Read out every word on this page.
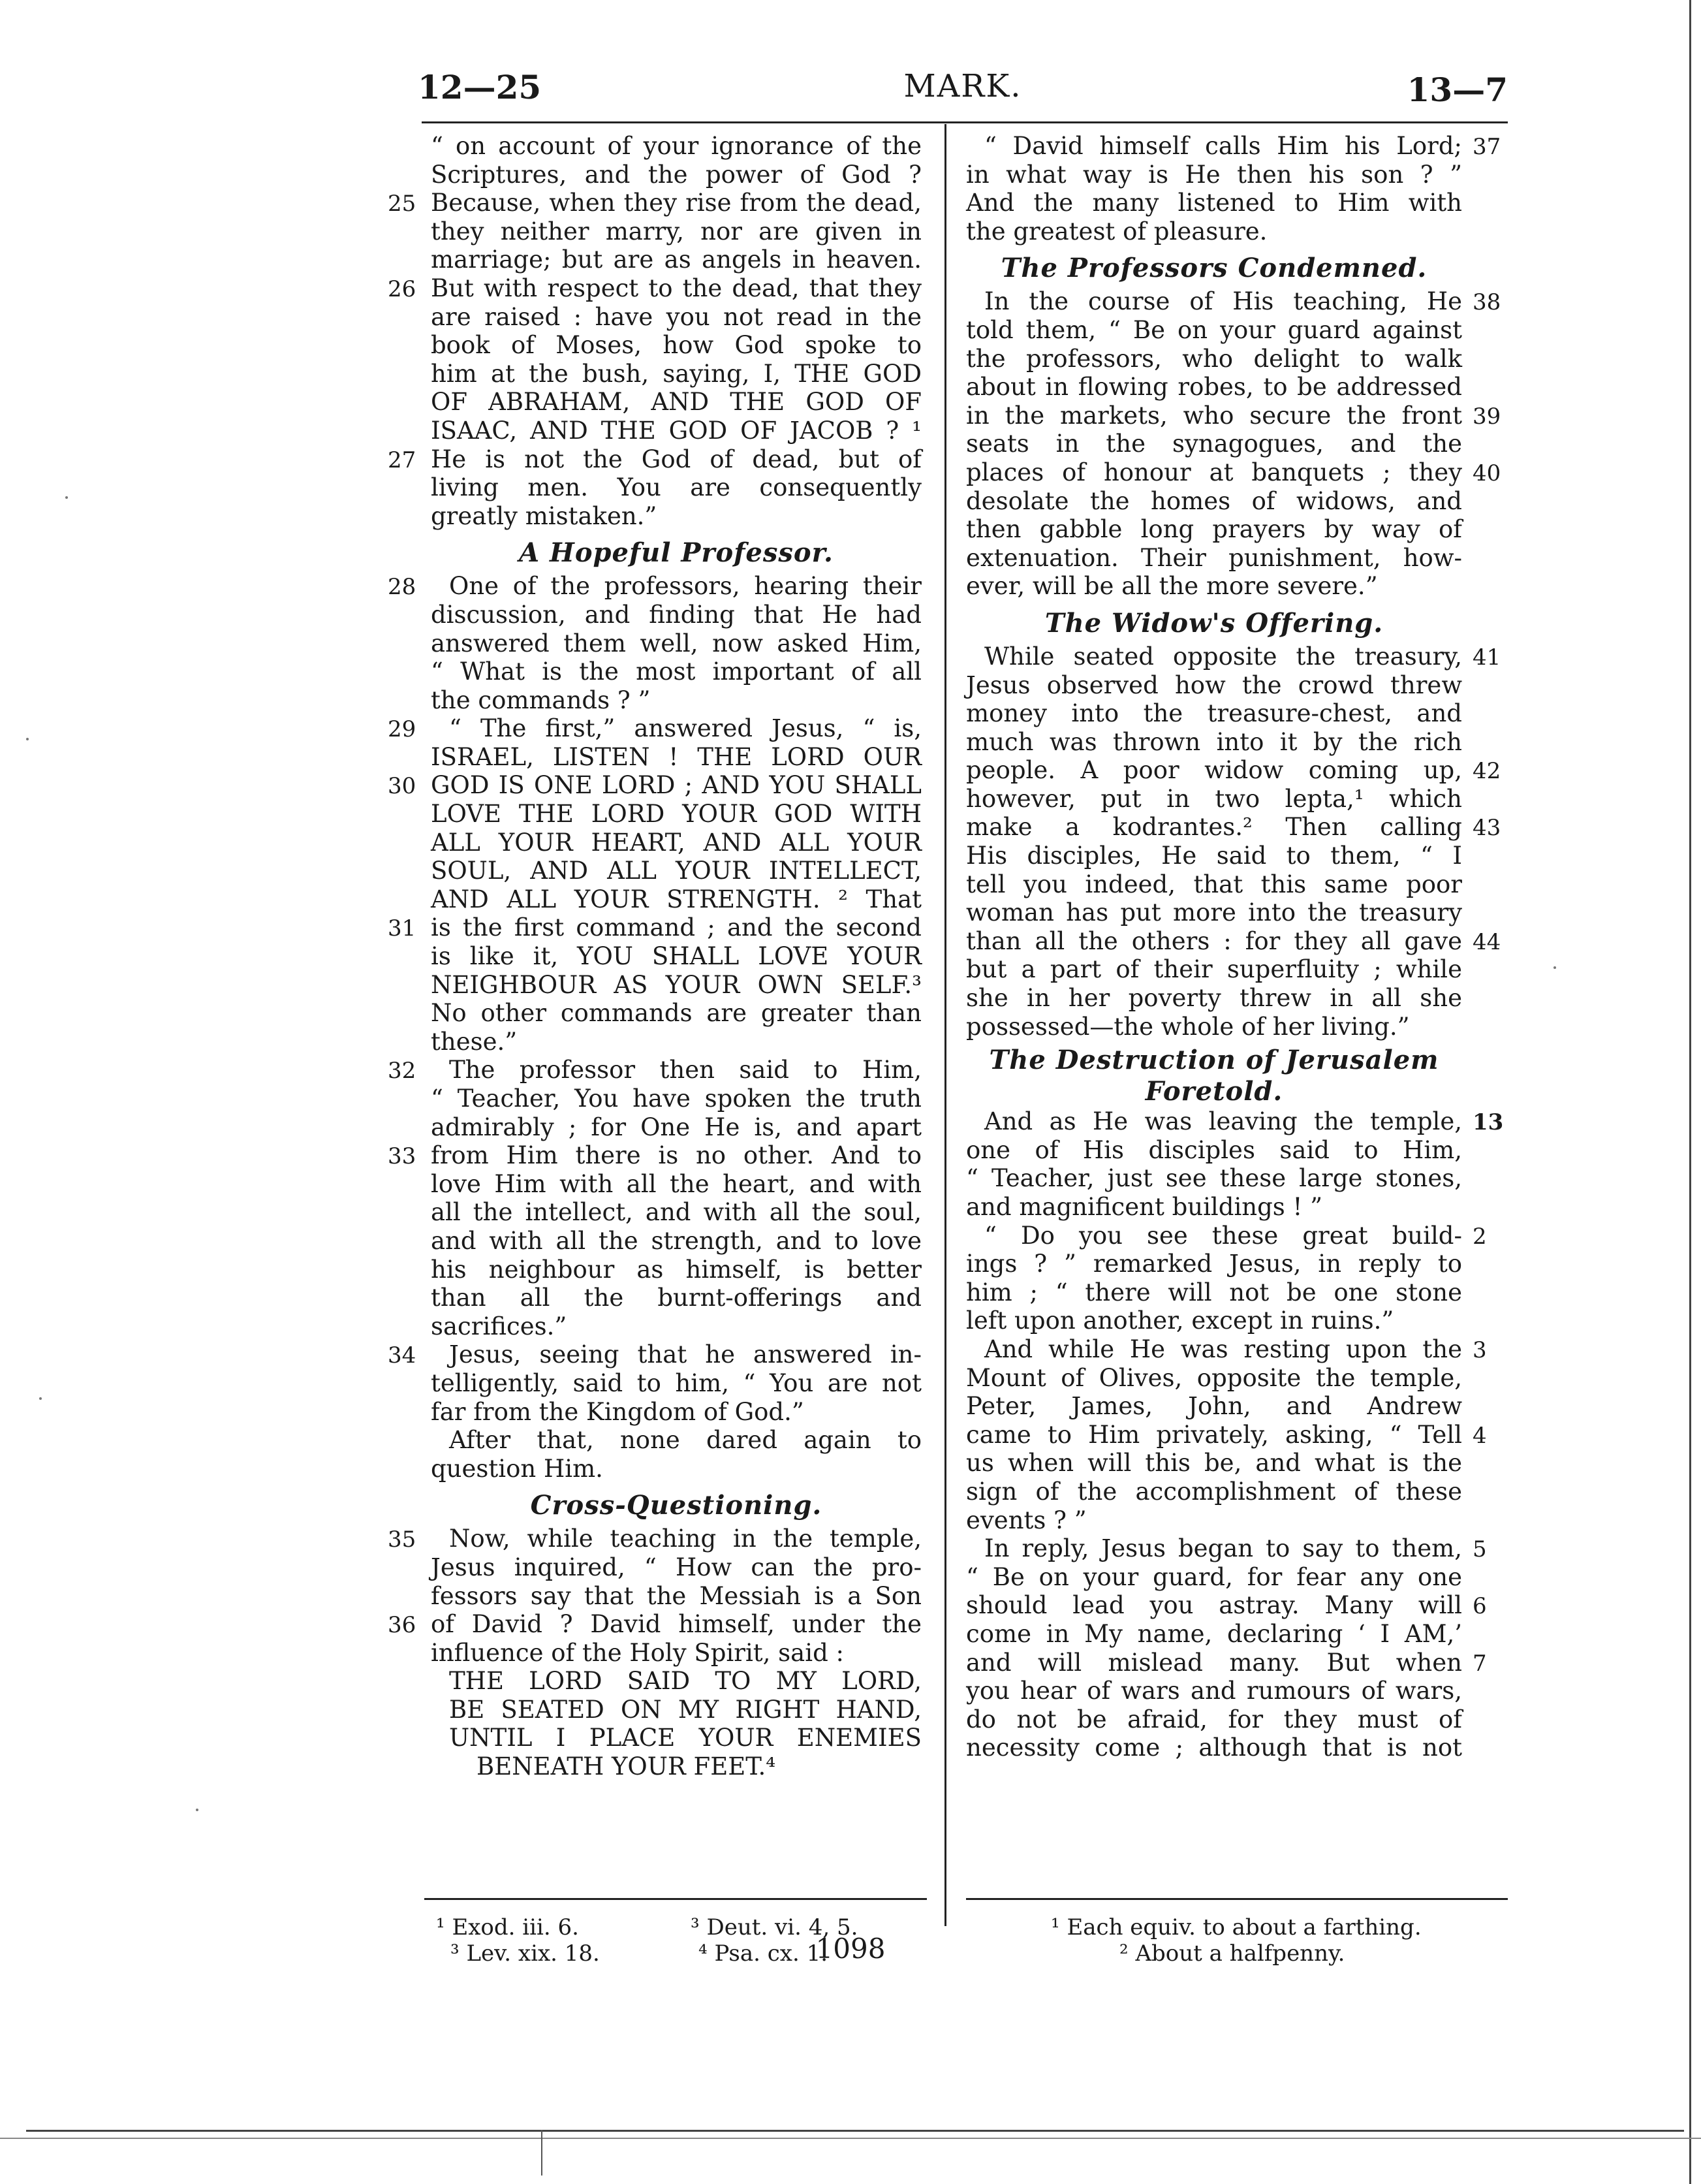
12—25	MARK.	13—7
“ on account of your ignorance of the
Scriptures, and the power of God ?
25 Because, when they rise from the dead,
they neither marry, nor are given in
marriage; but are as angels in heaven.
26 But with respect to the dead, that they
are raised : have you not read in the
book of Moses, how God spoke to
him at the bush, saying, I, THE GOD
OF ABRAHAM, AND THE GOD OF
ISAAC, AND THE GOD OF JACOB ? ¹
27 He is not the God of dead, but of
living men. You are consequently
greatly mistaken.”
A Hopeful Professor.
28	One of the professors, hearing their
discussion, and finding that He had
answered them well, now asked Him,
“ What is the most important of all
the commands ? ”
29	“ The first,” answered Jesus, “ is,
ISRAEL, LISTEN ! THE LORD OUR
30 GOD IS ONE LORD ; AND YOU SHALL
LOVE THE LORD YOUR GOD WITH
ALL YOUR HEART, AND ALL YOUR
SOUL, AND ALL YOUR INTELLECT,
AND ALL YOUR STRENGTH. ² That
31 is the first command ; and the second
is like it, YOU SHALL LOVE YOUR
NEIGHBOUR AS YOUR OWN SELF.³
No other commands are greater than
these.”
32	The professor then said to Him,
“ Teacher, You have spoken the truth
admirably ; for One He is, and apart
33 from Him there is no other. And to
love Him with all the heart, and with
all the intellect, and with all the soul,
and with all the strength, and to love
his neighbour as himself, is better
than all the burnt-offerings and
sacrifices.”
34	Jesus, seeing that he answered in-
telligently, said to him, “ You are not
far from the Kingdom of God.”
After that, none dared again to
question Him.
Cross-Questioning.
35	Now, while teaching in the temple,
Jesus inquired, “ How can the pro-
fessors say that the Messiah is a Son
36 of David ? David himself, under the
influence of the Holy Spirit, said :
THE LORD SAID TO MY LORD,
BE SEATED ON MY RIGHT HAND,
UNTIL I PLACE YOUR ENEMIES
BENEATH YOUR FEET.⁴
37
“ David himself calls Him his Lord;
in what way is He then his son ? ”
And the many listened to Him with
the greatest of pleasure.
The Professors Condemned.
38
In the course of His teaching, He
told them, “ Be on your guard against
the professors, who delight to walk
about in flowing robes, to be addressed
39
in the markets, who secure the front
seats in the synagogues, and the
40
places of honour at banquets ; they
desolate the homes of widows, and
then gabble long prayers by way of
extenuation. Their punishment, how-
ever, will be all the more severe.”
The Widow's Offering.
41
While seated opposite the treasury,
Jesus observed how the crowd threw
money into the treasure-chest, and
much was thrown into it by the rich
42
people. A poor widow coming up,
however, put in two lepta,¹ which
43
make a kodrantes.² Then calling
His disciples, He said to them, “ I
tell you indeed, that this same poor
woman has put more into the treasury
44
than all the others : for they all gave
but a part of their superfluity ; while
she in her poverty threw in all she
possessed—the whole of her living.”
The Destruction of Jerusalem
Foretold.
13
And as He was leaving the temple,
one of His disciples said to Him,
“ Teacher, just see these large stones,
and magnificent buildings ! ”
2
“ Do you see these great build-
ings ? ” remarked Jesus, in reply to
him ; “ there will not be one stone
left upon another, except in ruins.”
3
And while He was resting upon the
Mount of Olives, opposite the temple,
Peter, James, John, and Andrew
4
came to Him privately, asking, “ Tell
us when will this be, and what is the
sign of the accomplishment of these
events ? ”
5
In reply, Jesus began to say to them,
“ Be on your guard, for fear any one
6
should lead you astray. Many will
come in My name, declaring ‘ I AM,’
7
and will mislead many. But when
you hear of wars and rumours of wars,
do not be afraid, for they must of
necessity come ; although that is not
¹ Exod. iii. 6.	³ Deut. vi. 4, 5.
³ Lev. xix. 18.	⁴ Psa. cx. 1.
¹ Each equiv. to about a farthing.
² About a halfpenny.
1098
